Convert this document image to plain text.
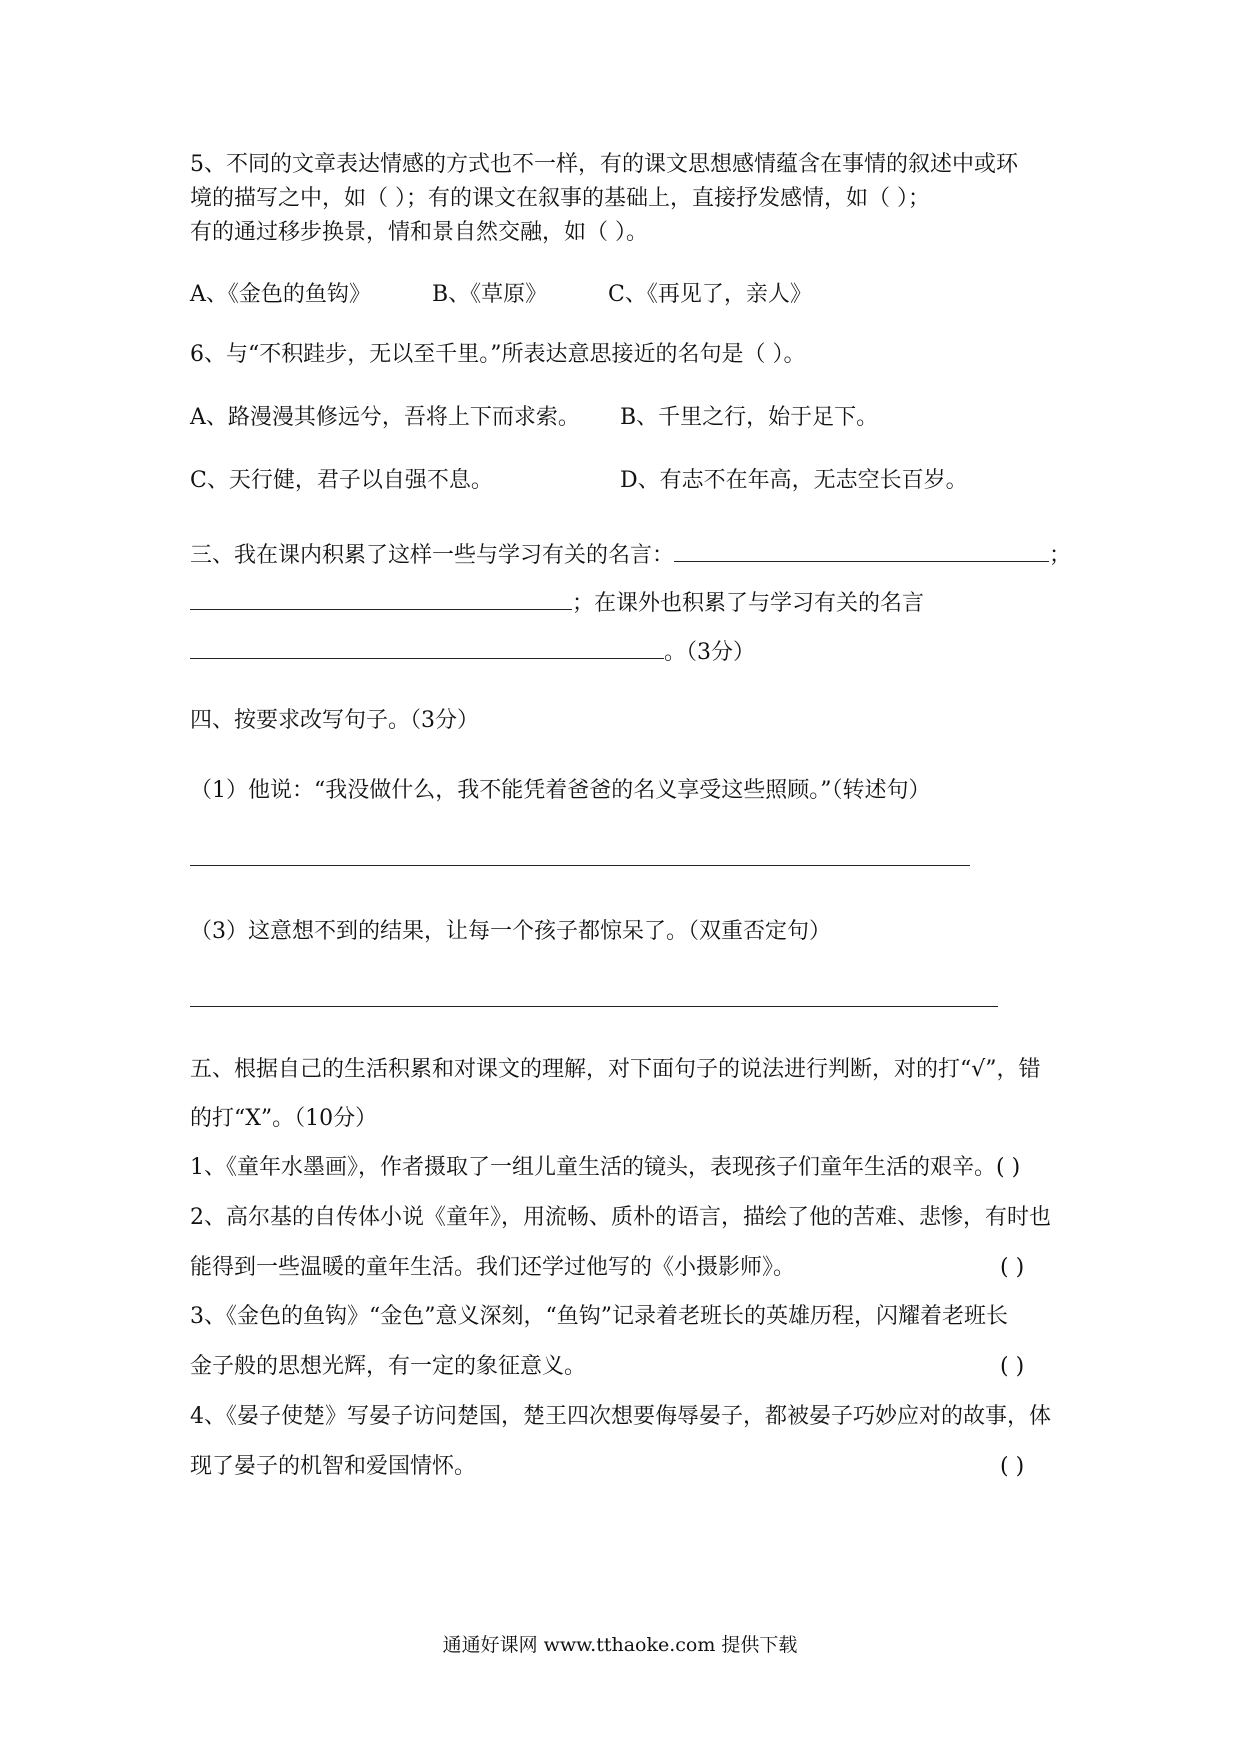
5、不同的文章表达情感的方式也不一样，有的课文思想感情蕴含在事情的叙述中或环
境的描写之中，如（ ）；有的课文在叙事的基础上，直接抒发感情，如（ ）；
有的通过移步换景，情和景自然交融，如（ ）。
A、《金色的鱼钩》	B、《草原》	C、《再见了，亲人》
6、与“不积跬步，无以至千里。”所表达意思接近的名句是（ ）。
A、路漫漫其修远兮，吾将上下而求索。 B、千里之行，始于足下。
C、天行健，君子以自强不息。	D、有志不在年高，无志空长百岁。
三、我在课内积累了这样一些与学习有关的名言：	；
；在课外也积累了与学习有关的名言
。（3分）
四、按要求改写句子。（3分）
（1）他说：“我没做什么，我不能凭着爸爸的名义享受这些照顾。”（转述句）
（3）这意想不到的结果，让每一个孩子都惊呆了。（双重否定句）
五、根据自己的生活积累和对课文的理解，对下面句子的说法进行判断，对的打“√”，错
的打“X”。（10分）
1、《童年水墨画》，作者摄取了一组儿童生活的镜头，表现孩子们童年生活的艰辛。( )
2、高尔基的自传体小说《童年》，用流畅、质朴的语言，描绘了他的苦难、悲惨，有时也
能得到一些温暖的童年生活。我们还学过他写的《小摄影师》。	( )
3、《金色的鱼钩》“金色”意义深刻，“鱼钩”记录着老班长的英雄历程，闪耀着老班长
金子般的思想光辉，有一定的象征意义。	( )
4、《晏子使楚》写晏子访问楚国，楚王四次想要侮辱晏子，都被晏子巧妙应对的故事，体
现了晏子的机智和爱国情怀。	( )
通通好课网 www.tthaoke.com 提供下载
